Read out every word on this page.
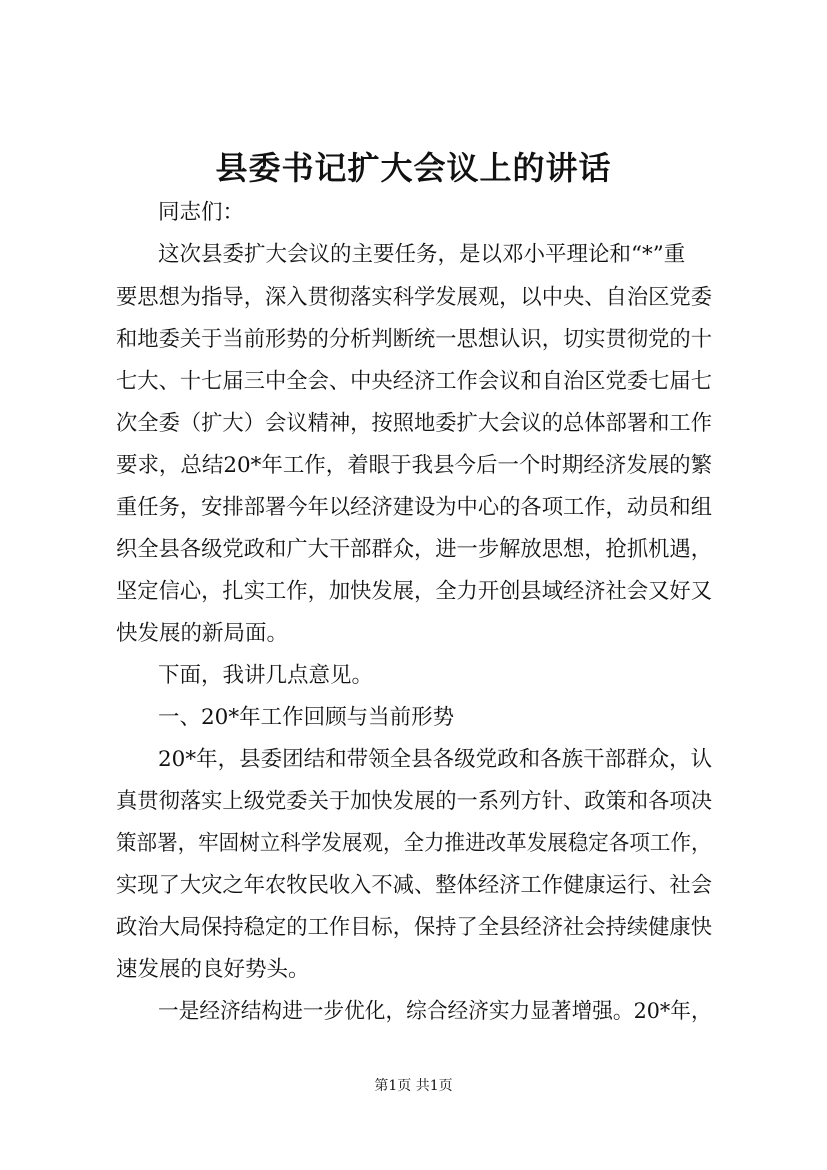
县委书记扩大会议上的讲话
同志们：
这次县委扩大会议的主要任务，是以邓小平理论和“*”重
要思想为指导，深入贯彻落实科学发展观，以中央、自治区党委
和地委关于当前形势的分析判断统一思想认识，切实贯彻党的十
七大、十七届三中全会、中央经济工作会议和自治区党委七届七
次全委（扩大）会议精神，按照地委扩大会议的总体部署和工作
要求，总结20*年工作，着眼于我县今后一个时期经济发展的繁
重任务，安排部署今年以经济建设为中心的各项工作，动员和组
织全县各级党政和广大干部群众，进一步解放思想，抢抓机遇，
坚定信心，扎实工作，加快发展，全力开创县域经济社会又好又
快发展的新局面。
下面，我讲几点意见。
一、20*年工作回顾与当前形势
20*年，县委团结和带领全县各级党政和各族干部群众，认
真贯彻落实上级党委关于加快发展的一系列方针、政策和各项决
策部署，牢固树立科学发展观，全力推进改革发展稳定各项工作，
实现了大灾之年农牧民收入不减、整体经济工作健康运行、社会
政治大局保持稳定的工作目标，保持了全县经济社会持续健康快
速发展的良好势头。
一是经济结构进一步优化，综合经济实力显著增强。20*年，
第1页 共1页
